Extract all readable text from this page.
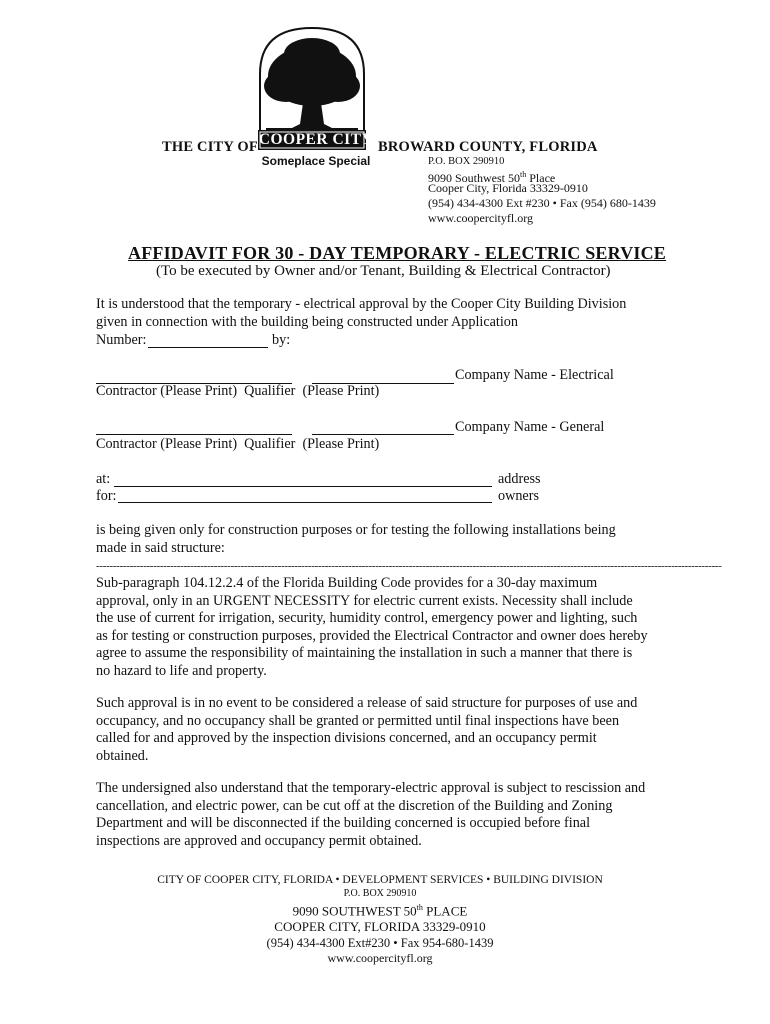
COOPER CITY
Someplace Special
THE CITY OF	BROWARD COUNTY, FLORIDA
P.O. BOX 290910
9090 Southwest 50th Place
Cooper City, Florida 33329-0910
(954) 434-4300 Ext #230 • Fax (954) 680-1439
www.coopercityfl.org
AFFIDAVIT FOR 30 - DAY TEMPORARY - ELECTRIC SERVICE
(To be executed by Owner and/or Tenant, Building & Electrical Contractor)
It is understood that the temporary - electrical approval by the Cooper City Building Division
given in connection with the building being constructed under Application
Number:	by:
Company Name - Electrical
Contractor (Please Print)  Qualifier  (Please Print)
Company Name - General
Contractor (Please Print)  Qualifier  (Please Print)
at:	address
for:	owners
is being given only for construction purposes or for testing the following installations being
made in said structure:
------------------------------------------------------------------------------------------------------------------------------------------------------------------------------------------
Sub-paragraph 104.12.2.4 of the Florida Building Code provides for a 30-day maximum
approval, only in an URGENT NECESSITY for electric current exists. Necessity shall include
the use of current for irrigation, security, humidity control, emergency power and lighting, such
as for testing or construction purposes, provided the Electrical Contractor and owner does hereby
agree to assume the responsibility of maintaining the installation in such a manner that there is
no hazard to life and property.
Such approval is in no event to be considered a release of said structure for purposes of use and
occupancy, and no occupancy shall be granted or permitted until final inspections have been
called for and approved by the inspection divisions concerned, and an occupancy permit
obtained.
The undersigned also understand that the temporary-electric approval is subject to rescission and
cancellation, and electric power, can be cut off at the discretion of the Building and Zoning
Department and will be disconnected if the building concerned is occupied before final
inspections are approved and occupancy permit obtained.
CITY OF COOPER CITY, FLORIDA • DEVELOPMENT SERVICES • BUILDING DIVISION
P.O. BOX 290910
9090 SOUTHWEST 50th PLACE
COOPER CITY, FLORIDA 33329-0910
(954) 434-4300 Ext#230 • Fax 954-680-1439
www.coopercityfl.org
